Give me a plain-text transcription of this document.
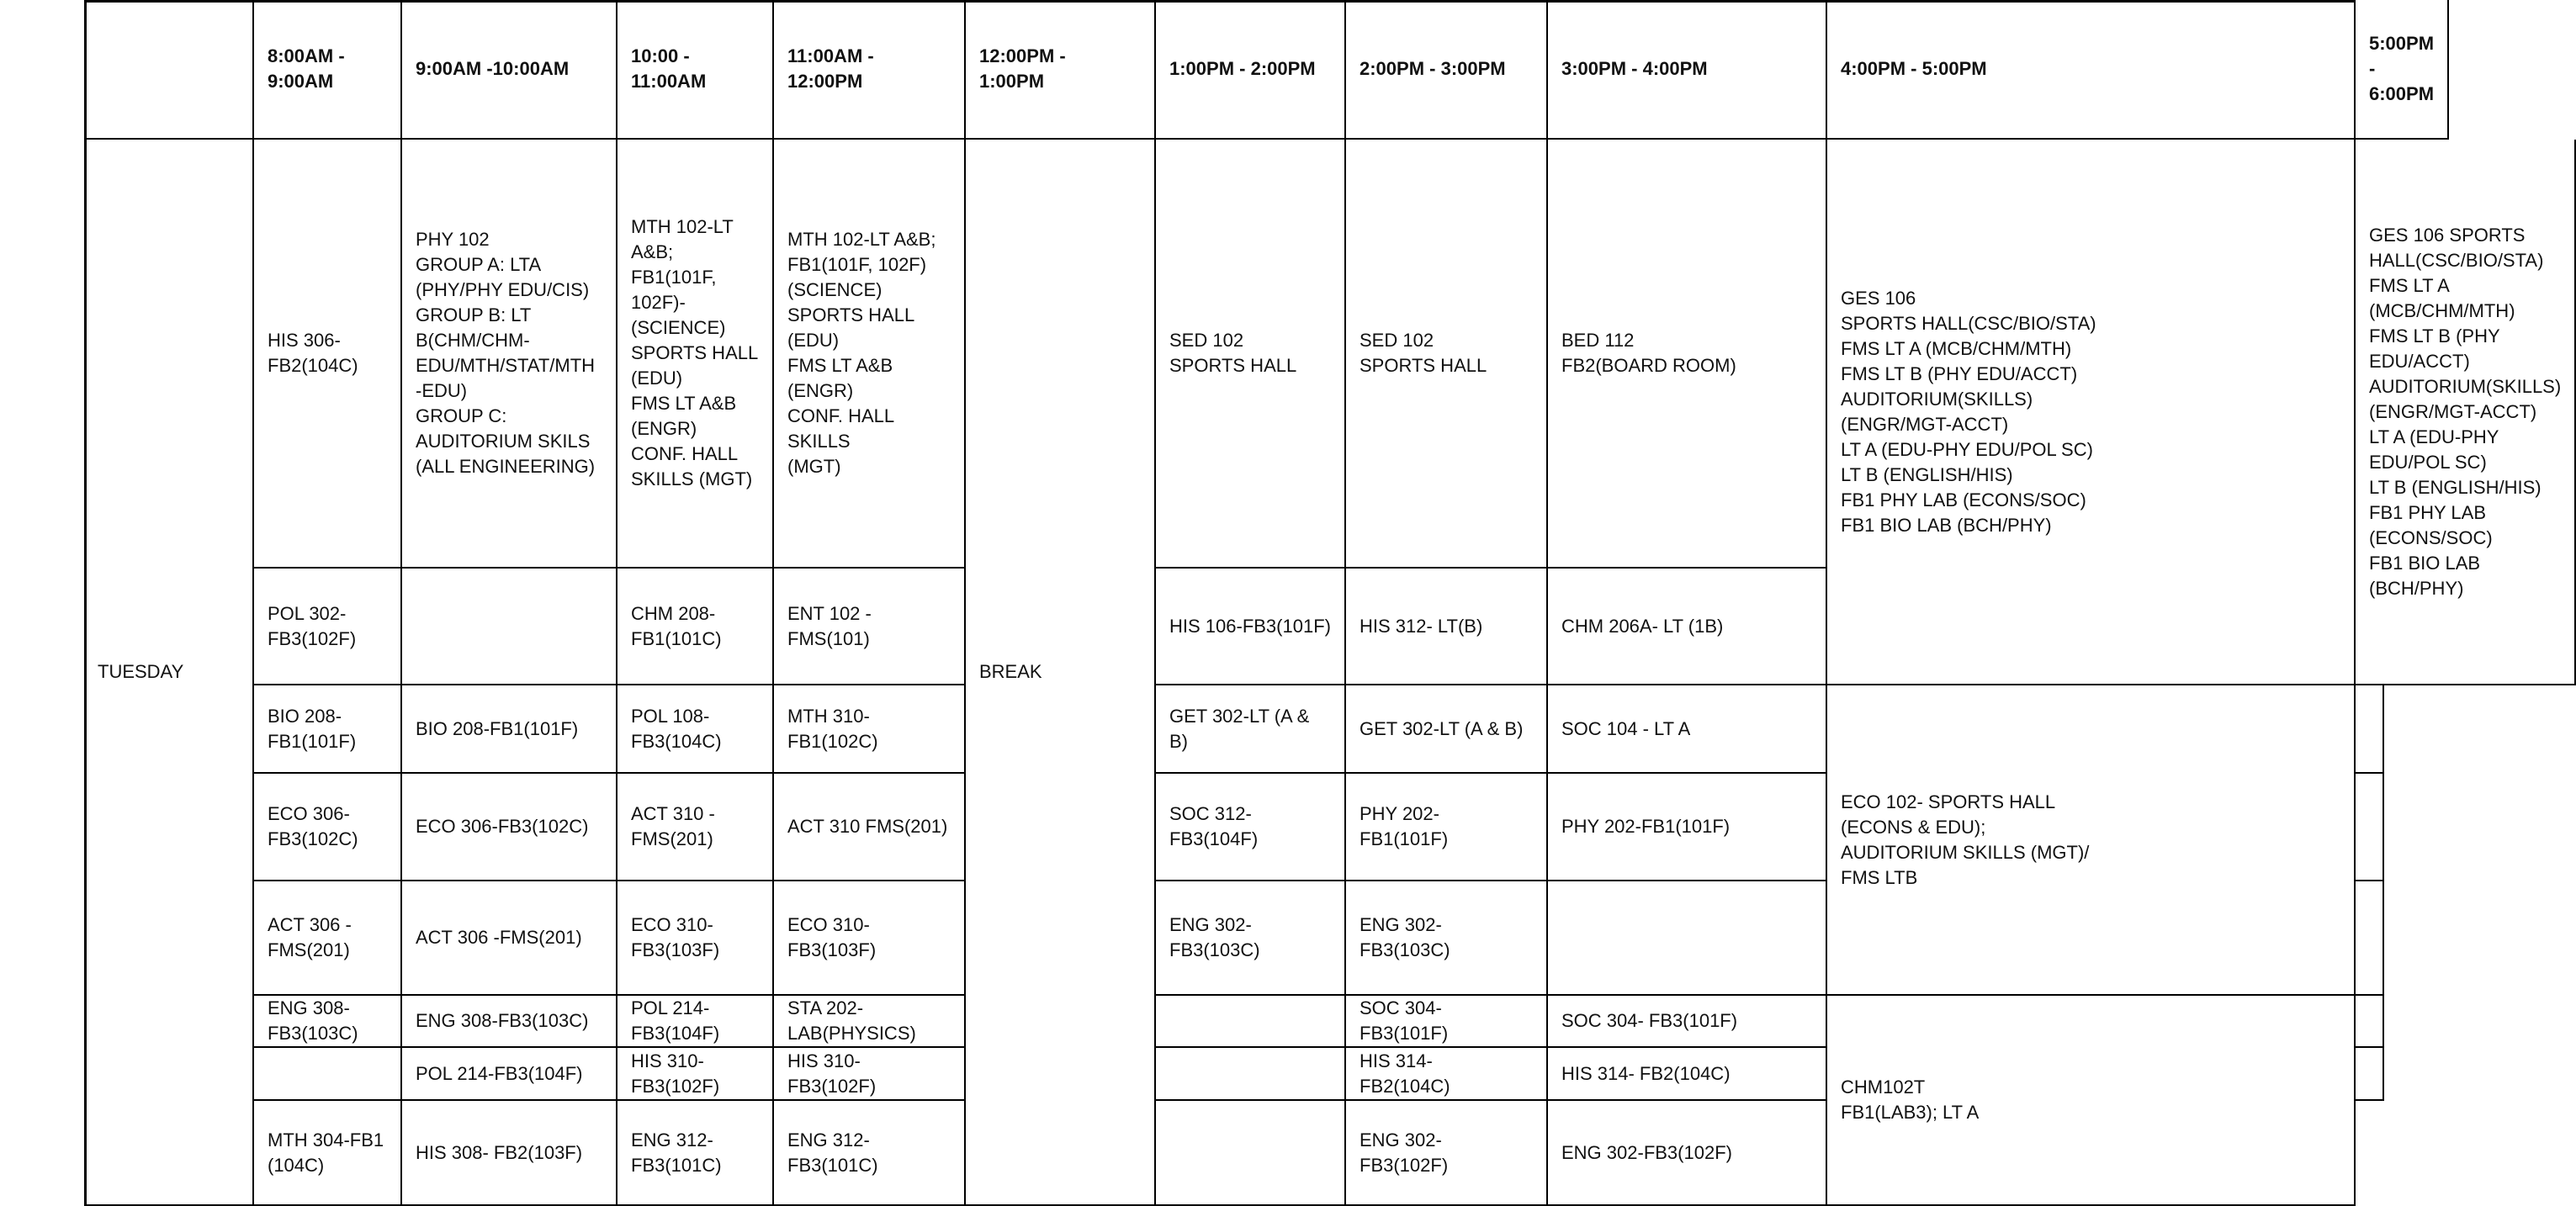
8:00AM -
9:00AM
9:00AM -10:00AM
10:00 -
11:00AM
11:00AM - 12:00PM
12:00PM -
1:00PM
1:00PM - 2:00PM 2:00PM - 3:00PM	3:00PM - 4:00PM	4:00PM - 5:00PM
5:00PM - 6:00PM
TUESDAY
HIS 306-
FB2(104C)
POL 302-
FB3(102F)
BIO 208-
FB1(101F)
ECO 306-
FB3(102C)
ACT 306 -
FMS(201)
ENG 308-
FB3(103C)
MTH 304-FB1
(104C)
PHY 102
GROUP A: LTA
(PHY/PHY EDU/CIS)
GROUP B: LT
B(CHM/CHM-
EDU/MTH/STAT/MTH
-EDU)
GROUP C:
AUDITORIUM SKILS
(ALL ENGINEERING)
BIO 208-FB1(101F)
ECO 306-FB3(102C)
ACT 306 -FMS(201)
ENG 308-FB3(103C)
POL 214-FB3(104F)
HIS 308- FB2(103F)
MTH 102-LT
A&B;
FB1(101F,
102F)-
(SCIENCE)
SPORTS HALL
(EDU)
FMS LT A&B
(ENGR)
CONF. HALL
SKILLS (MGT)
CHM 208-
FB1(101C)
POL 108-
FB3(104C)
ACT 310 -
FMS(201)
ECO 310-
FB3(103F)
POL 214-
FB3(104F)
HIS 310-
FB3(102F)
ENG 312-
FB3(101C)
MTH 102-LT A&B;
FB1(101F, 102F)
(SCIENCE)
SPORTS HALL (EDU)
FMS LT A&B (ENGR)
CONF. HALL SKILLS
(MGT)
ENT 102 - FMS(101)
MTH 310-FB1(102C)
ACT 310 FMS(201)
ECO 310-FB3(103F)
STA 202-
LAB(PHYSICS)
HIS 310- FB3(102F)
ENG 312-FB3(101C)
SED 102
SPORTS HALL
HIS 106-FB3(101F)
GET 302-LT (A & B)
SOC 312-
FB3(104F)
ENG 302-
FB3(103C)
SED 102
SPORTS HALL
HIS 312- LT(B)
GET 302-LT (A & B)
PHY 202-
FB1(101F)
ENG 302-
FB3(103C)
SOC 304-
FB3(101F)
HIS 314-
FB2(104C)
ENG 302-
FB3(102F)
BED 112
FB2(BOARD ROOM)
CHM 206A- LT (1B)
SOC 104 - LT A
PHY 202-FB1(101F)
SOC 304- FB3(101F)
HIS 314- FB2(104C)
ENG 302-FB3(102F)
BREAK
GES 106
SPORTS HALL(CSC/BIO/STA)
FMS LT A (MCB/CHM/MTH)
FMS LT B (PHY EDU/ACCT)
AUDITORIUM(SKILLS)
(ENGR/MGT-ACCT)
LT A (EDU-PHY EDU/POL SC)
LT B (ENGLISH/HIS)
FB1 PHY LAB (ECONS/SOC)
FB1 BIO LAB (BCH/PHY)
ECO 102- SPORTS HALL
(ECONS & EDU);
AUDITORIUM SKILLS (MGT)/
FMS LTB
CHM102T
FB1(LAB3); LT A
GES 106 SPORTS
HALL(CSC/BIO/STA)
FMS LT A (MCB/CHM/MTH)
FMS LT B (PHY EDU/ACCT)
AUDITORIUM(SKILLS)
(ENGR/MGT-ACCT)
LT A (EDU-PHY EDU/POL SC)
LT B (ENGLISH/HIS)
FB1 PHY LAB (ECONS/SOC)
FB1 BIO LAB (BCH/PHY)
